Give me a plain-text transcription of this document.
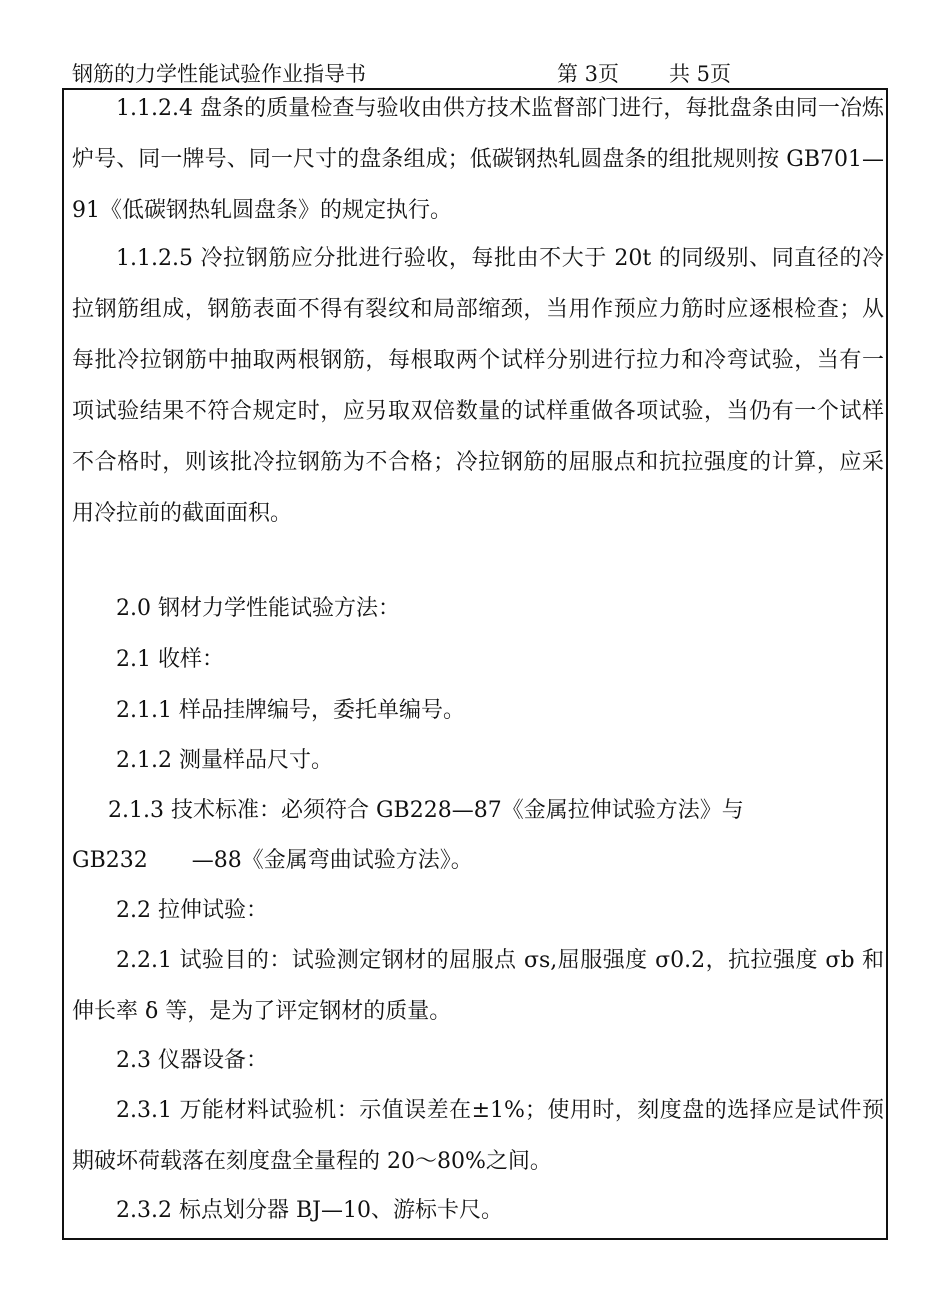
钢筋的力学性能试验作业指导书	第 3页 共 5页

1.1.2.4 盘条的质量检查与验收由供方技术监督部门进行，每批盘条由同一冶炼炉号、同一牌号、同一尺寸的盘条组成；低碳钢热轧圆盘条的组批规则按 GB701—91《低碳钢热轧圆盘条》的规定执行。

1.1.2.5 冷拉钢筋应分批进行验收，每批由不大于 20t 的同级别、同直径的冷拉钢筋组成，钢筋表面不得有裂纹和局部缩颈，当用作预应力筋时应逐根检查；从每批冷拉钢筋中抽取两根钢筋，每根取两个试样分别进行拉力和冷弯试验，当有一项试验结果不符合规定时，应另取双倍数量的试样重做各项试验，当仍有一个试样不合格时，则该批冷拉钢筋为不合格；冷拉钢筋的屈服点和抗拉强度的计算，应采用冷拉前的截面面积。

2.0 钢材力学性能试验方法：

2.1 收样：

2.1.1 样品挂牌编号，委托单编号。

2.1.2 测量样品尺寸。

2.1.3 技术标准：必须符合 GB228—87《金属拉伸试验方法》与

GB232　　—88《金属弯曲试验方法》。

2.2 拉伸试验：

2.2.1 试验目的：试验测定钢材的屈服点 σs,屈服强度 σ0.2，抗拉强度 σb 和伸长率 δ 等，是为了评定钢材的质量。

2.3 仪器设备：

2.3.1 万能材料试验机：示值误差在±1%；使用时，刻度盘的选择应是试件预期破坏荷载落在刻度盘全量程的 20～80%之间。

2.3.2 标点划分器 BJ—10、游标卡尺。
